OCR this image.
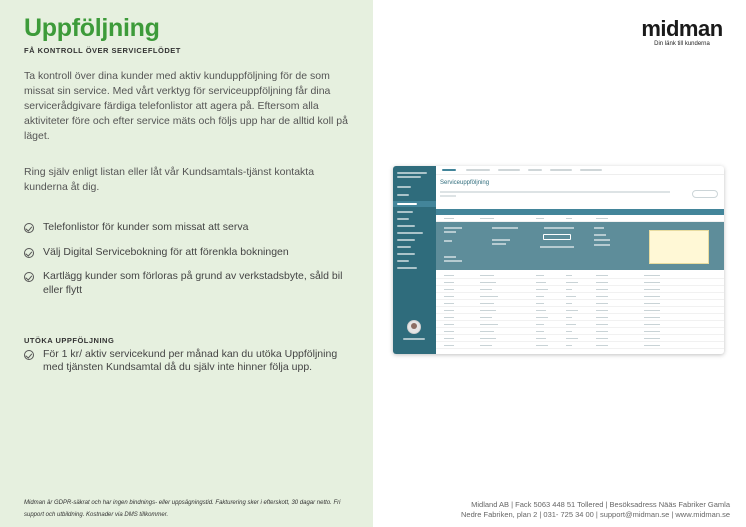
Uppföljning
FÅ KONTROLL ÖVER SERVICEFLÖDET
Ta kontroll över dina kunder med aktiv kunduppföljning för de som missat sin service. Med vårt verktyg för serviceuppföljning får dina servicerådgivare färdiga telefonlistor att agera på. Eftersom alla aktiviteter före och efter service mäts och följs upp har de alltid koll på läget.
Ring själv enligt listan eller låt vår Kundsamtals-tjänst kontakta kunderna åt dig.
Telefonlistor för kunder som missat att serva
Välj Digital Servicebokning för att förenkla bokningen
Kartlägg kunder som förloras på grund av verkstadsbyte, såld bil eller flytt
UTÖKA UPPFÖLJNING
För 1 kr/ aktiv servicekund per månad kan du utöka Uppföljning med tjänsten Kundsamtal då du själv inte hinner följa upp.
Midman är GDPR-säkrat och har ingen bindnings- eller uppsägningstid. Fakturering sker i efterskott, 30 dagar netto. Fri support och utbildning. Kostnader via DMS tillkommer.
midman
Din länk till kunderna
Serviceuppföljning
Midland AB | Fack 5063 448 51 Tollered | Besöksadress Nääs Fabriker Gamla
Nedre Fabriken, plan 2 | 031- 725 34 00 | support@midman.se | www.midman.se
